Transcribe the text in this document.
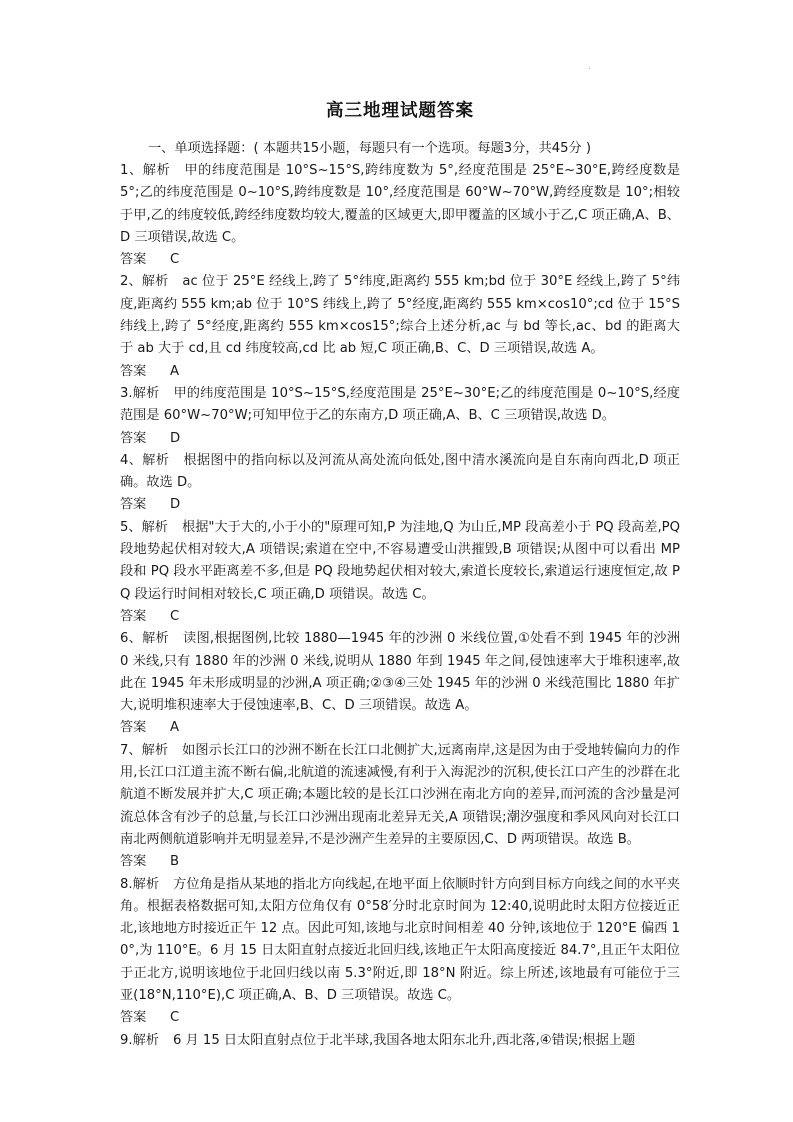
.
高三地理试题答案
一、单项选择题：( 本题共15小题，每题只有一个选项。每题3分，共45分 )

1、解析 甲的纬度范围是 10°S~15°S,跨纬度数为 5°,经度范围是 25°E~30°E,跨经度数是 5°;乙的纬度范围是 0~10°S,跨纬度数是 10°,经度范围是 60°W~70°W,跨经度数是 10°;相较于甲,乙的纬度较低,跨经纬度数均较大,覆盖的区域更大,即甲覆盖的区域小于乙,C 项正确,A、B、D 三项错误,故选 C。

答案 C

2、解析 ac 位于 25°E 经线上,跨了 5°纬度,距离约 555 km;bd 位于 30°E 经线上,跨了 5°纬度,距离约 555 km;ab 位于 10°S 纬线上,跨了 5°经度,距离约 555 km×cos10°;cd 位于 15°S 纬线上,跨了 5°经度,距离约 555 km×cos15°;综合上述分析,ac 与 bd 等长,ac、bd 的距离大于 ab 大于 cd,且 cd 纬度较高,cd 比 ab 短,C 项正确,B、C、D 三项错误,故选 A。

答案 A

3.解析 甲的纬度范围是 10°S~15°S,经度范围是 25°E~30°E;乙的纬度范围是 0~10°S,经度范围是 60°W~70°W;可知甲位于乙的东南方,D 项正确,A、B、C 三项错误,故选 D。

答案 D

4、解析 根据图中的指向标以及河流从高处流向低处,图中清水溪流向是自东南向西北,D 项正确。故选 D。

答案 D

5、解析 根据"大于大的,小于小的"原理可知,P 为洼地,Q 为山丘,MP 段高差小于 PQ 段高差,PQ 段地势起伏相对较大,A 项错误;索道在空中,不容易遭受山洪摧毁,B 项错误;从图中可以看出 MP 段和 PQ 段水平距离差不多,但是 PQ 段地势起伏相对较大,索道长度较长,索道运行速度恒定,故 PQ 段运行时间相对较长,C 项正确,D 项错误。故选 C。

答案 C

6、解析 读图,根据图例,比较 1880—1945 年的沙洲 0 米线位置,①处看不到 1945 年的沙洲 0 米线,只有 1880 年的沙洲 0 米线,说明从 1880 年到 1945 年之间,侵蚀速率大于堆积速率,故此在 1945 年未形成明显的沙洲,A 项正确;②③④三处 1945 年的沙洲 0 米线范围比 1880 年扩大,说明堆积速率大于侵蚀速率,B、C、D 三项错误。故选 A。

答案 A

7、解析 如图示长江口的沙洲不断在长江口北侧扩大,远离南岸,这是因为由于受地转偏向力的作用,长江口江道主流不断右偏,北航道的流速减慢,有利于入海泥沙的沉积,使长江口产生的沙群在北航道不断发展并扩大,C 项正确;本题比较的是长江口沙洲在南北方向的差异,而河流的含沙量是河流总体含有沙子的总量,与长江口沙洲出现南北差异无关,A 项错误;潮汐强度和季风风向对长江口南北两侧航道影响并无明显差异,不是沙洲产生差异的主要原因,C、D 两项错误。故选 B。

答案 B

8.解析 方位角是指从某地的指北方向线起,在地平面上依顺时针方向到目标方向线之间的水平夹角。根据表格数据可知,太阳方位角仅有 0°58′分时北京时间为 12:40,说明此时太阳方位接近正北,该地地方时接近正午 12 点。因此可知,该地与北京时间相差 40 分钟,该地位于 120°E 偏西 10°,为 110°E。6 月 15 日太阳直射点接近北回归线,该地正午太阳高度接近 84.7°,且正午太阳位于正北方,说明该地位于北回归线以南 5.3°附近,即 18°N 附近。综上所述,该地最有可能位于三亚(18°N,110°E),C 项正确,A、B、D 三项错误。故选 C。

答案 C

9.解析 6 月 15 日太阳直射点位于北半球,我国各地太阳东北升,西北落,④错误;根据上题
